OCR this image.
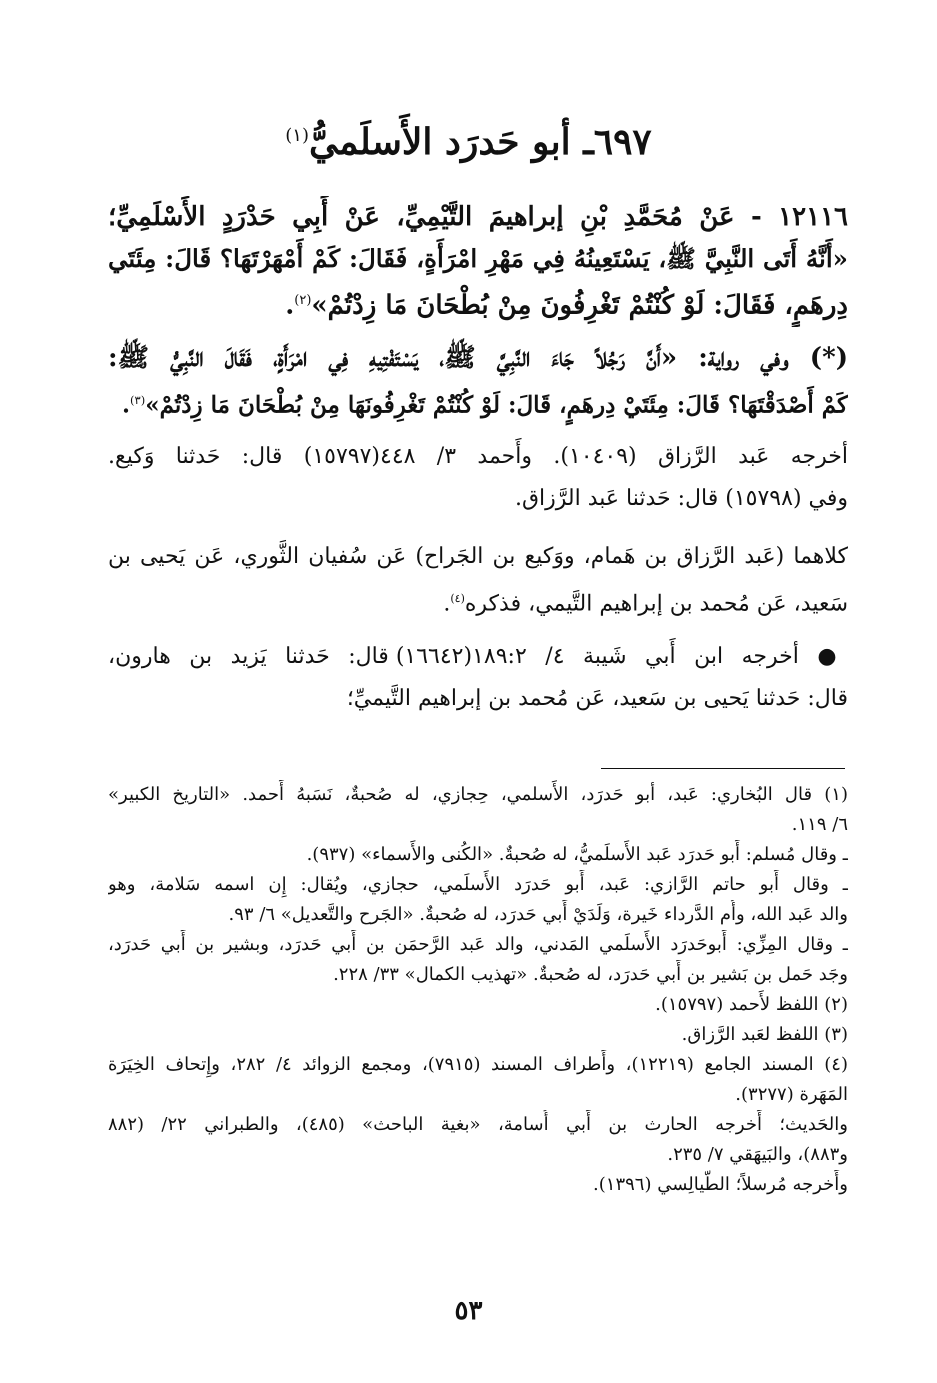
٦٩٧ـ أبو حَدرَد الأَسلَميُّ$^{(١)}$
١٢١١٦ - عَنْ مُحَمَّدِ بْنِ إبراهيمَ التَّيْمِيِّ، عَنْ أَبِي حَدْرَدٍ الأَسْلَمِيِّ؛
«أَنَّهُ أَتَى النَّبِيَّ ﷺ، يَسْتَعِينُهُ فِي مَهْرِ امْرَأَةٍ، فَقَالَ: كَمْ أَمْهَرْتَهَا؟ قَالَ: مِئَتَي
دِرهَمٍ، فَقَالَ: لَوْ كُنْتُمْ تَغْرِفُونَ مِنْ بُطْحَانَ مَا زِدْتُمْ»$^{(٢)}$.
(*) وفي رواية: «أَنَّ رَجُلاً جَاءَ النَّبِيَّ ﷺ، يَسْتَفْتِيهِ فِي امْرَأَةٍ، فَقَالَ النَّبِيُّ ﷺ:
كَمْ أَصْدَقْتَهَا؟ قَالَ: مِئَتَيْ دِرهَمٍ، قَالَ: لَوْ كُنْتُمْ تَغْرِفُونَهَا مِنْ بُطْحَانَ مَا زِدْتُمْ»$^{(٣)}$.
أخرجه عَبد الرَّزاق (١٠٤٠٩). وأَحمد ٣/ ٤٤٨(١٥٧٩٧) قال: حَدثنا وَكيع.
وفي (١٥٧٩٨) قال: حَدثنا عَبد الرَّزاق.
كلاهما (عَبد الرَّزاق بن هَمام، ووَكيع بن الجَراح) عَن سُفيان الثَّوري، عَن يَحيى بن
سَعيد، عَن مُحمد بن إبراهيم التَّيمي، فذكره$^{(٤)}$.
● أخرجه ابن أَبي شَيبة ٤/ ١٨٩:٢(١٦٦٤٢) قال: حَدثنا يَزيد بن هارون،
قال: حَدثنا يَحيى بن سَعيد، عَن مُحمد بن إبراهيم التَّيميِّ؛
(١) قال البُخاري: عَبد، أبو حَدرَد، الأَسلمي، حِجازي، له صُحبةٌ، نَسَبهُ أَحمد. «التاريخ الكبير»
٦/ ١١٩.
ـ وقال مُسلم: أَبو حَدرَد عَبد الأَسلَميُّ، له صُحبةٌ. «الكُنى والأَسماء» (٩٣٧).
ـ وقال أَبو حاتم الرَّازي: عَبد، أَبو حَدرَد الأَسلَمي، حجازي، ويُقال: إِن اسمه سَلامة، وهو
والد عَبد الله، وأُم الدَّرداء خَيرة، وَلَدَيْ أَبي حَدرَد، له صُحبةٌ. «الجَرح والتَّعديل» ٦/ ٩٣.
ـ وقال المِزِّي: أَبوحَدرَد الأَسلَمي المَدني، والد عَبد الرَّحمَن بن أَبي حَدرَد، وبشير بن أَبي حَدرَد،
وجَد حَمل بن بَشير بن أَبي حَدرَد، له صُحبةٌ. «تهذيب الكمال» ٣٣/ ٢٢٨.
(٢) اللفظ لأَحمد (١٥٧٩٧).
(٣) اللفظ لعَبد الرَّزاق.
(٤) المسند الجامع (١٢٢١٩)، وأَطراف المسند (٧٩١٥)، ومجمع الزوائد ٤/ ٢٨٢، وإِتحاف الخِيَرَة
المَهَرة (٣٢٧٧).
والحَديث؛ أَخرجه الحارث بن أَبي أُسامة، «بغية الباحث» (٤٨٥)، والطبراني ٢٢/ (٨٨٢
و٨٨٣)، والبَيهَقي ٧/ ٢٣٥.
وأَخرجه مُرسلاً؛ الطَّيالِسي (١٣٩٦).
٥٣
